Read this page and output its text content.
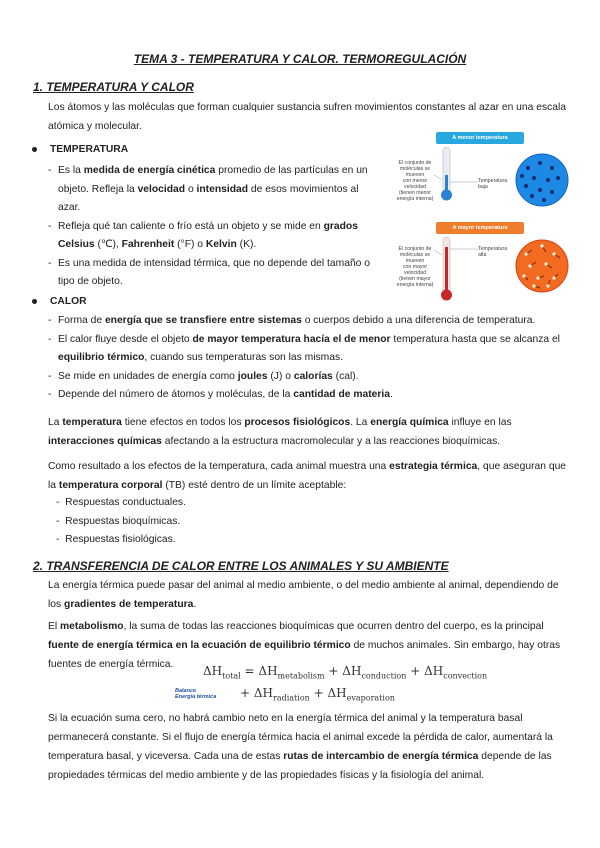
TEMA 3 - TEMPERATURA Y CALOR. TERMOREGULACIÓN
1. TEMPERATURA Y CALOR
Los átomos y las moléculas que forman cualquier sustancia sufren movimientos constantes al azar en una escala
atómica y molecular.
TEMPERATURA
- Es la medida de energía cinética promedio de las partículas en un
objeto. Refleja la velocidad o intensidad de esos movimientos al
azar.
- Refleja qué tan caliente o frío está un objeto y se mide en grados
Celsius (℃), Fahrenheit (°F) o Kelvin (K).
- Es una medida de intensidad térmica, que no depende del tamaño o
tipo de objeto.
A menor temperatura
El conjunto de
moléculas se mueven
con menor velocidad
(tienen menor
energía interna)
Temperatura
baja
A mayor temperatura
El conjunto de
moléculas se mueven
con mayor velocidad
(tienen mayor
energía interna)
Temperatura
alta
CALOR
- Forma de energía que se transfiere entre sistemas o cuerpos debido a una diferencia de temperatura.
- El calor fluye desde el objeto de mayor temperatura hacía el de menor temperatura hasta que se alcanza el
equilibrio térmico, cuando sus temperaturas son las mismas.
- Se mide en unidades de energía como joules (J) o calorías (cal).
- Depende del número de átomos y moléculas, de la cantidad de materia.
La temperatura tiene efectos en todos los procesos fisiológicos. La energía química influye en las
interacciones químicas afectando a la estructura macromolecular y a las reacciones bioquímicas.
Como resultado a los efectos de la temperatura, cada animal muestra una estrategia térmica, que aseguran que
la temperatura corporal (TB) esté dentro de un límite aceptable:
-  Respuestas conductuales.
-  Respuestas bioquímicas.
-  Respuestas fisiológicas.
2. TRANSFERENCIA DE CALOR ENTRE LOS ANIMALES Y SU AMBIENTE
La energía térmica puede pasar del animal al medio ambiente, o del medio ambiente al animal, dependiendo de
los gradientes de temperatura.
El metabolismo, la suma de todas las reacciones bioquímicas que ocurren dentro del cuerpo, es la principal
fuente de energía térmica en la ecuación de equilibrio térmico de muchos animales. Sin embargo, hay otras
fuentes de energía térmica.	$\Delta H_{total} = \Delta H_{metabolism} + \Delta H_{conduction} + \Delta H_{convection}$
Balance
Energía térmica + $\Delta H_{radiation} + \Delta H_{evaporation}$
Si la ecuación suma cero, no habrá cambio neto en la energía térmica del animal y la temperatura basal
permanecerá constante. Si el flujo de energía térmica hacia el animal excede la pérdida de calor, aumentará la
temperatura basal, y viceversa. Cada una de estas rutas de intercambio de energía térmica depende de las
propiedades térmicas del medio ambiente y de las propiedades físicas y la fisiología del animal.
